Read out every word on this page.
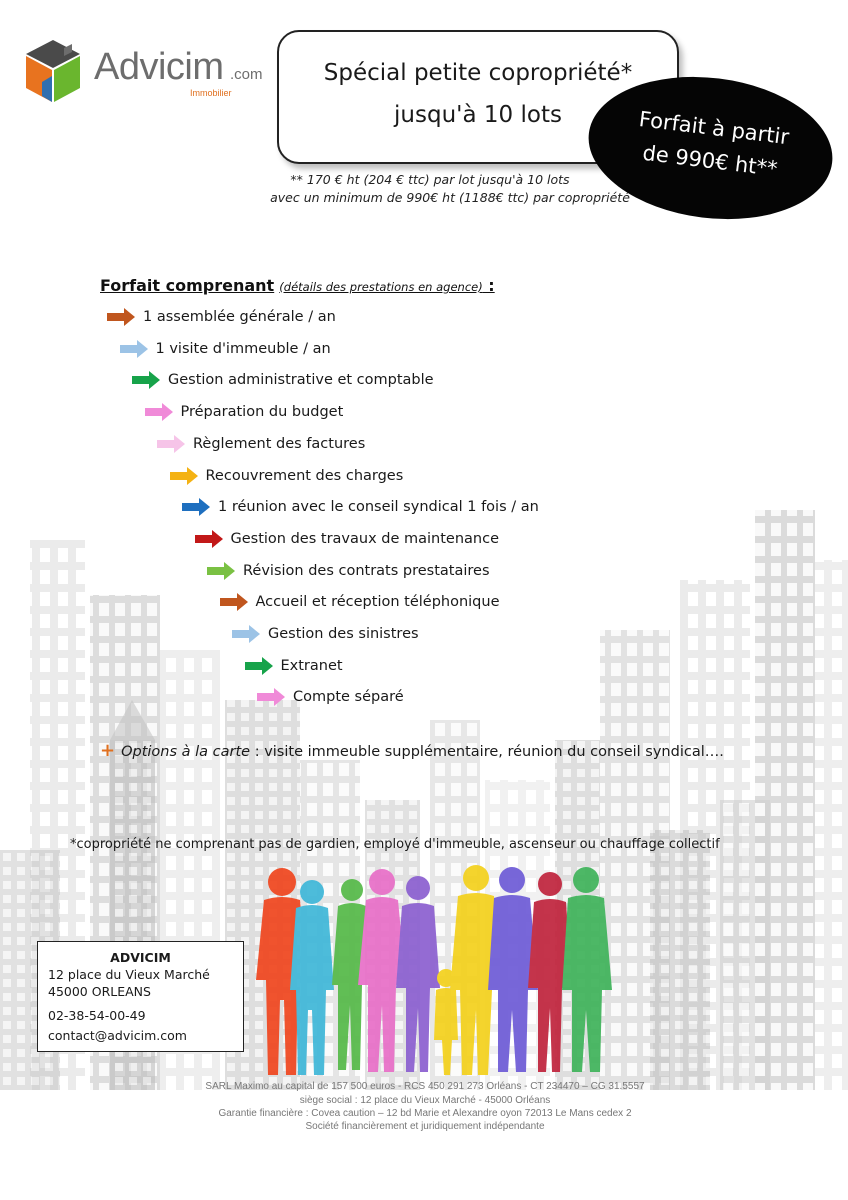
Advicim .com
Immobilier
Spécial petite copropriété*
jusqu'à 10 lots	Forfait à partir
de 990€ ht**
** 170 € ht (204 € ttc) par lot jusqu'à 10 lots
avec un minimum de 990€ ht (1188€ ttc) par copropriété
Forfait comprenant (détails des prestations en agence) :
1 assemblée générale / an
1 visite d'immeuble / an
Gestion administrative et comptable
Préparation du budget
Règlement des factures
Recouvrement des charges
1 réunion avec le conseil syndical 1 fois / an
Gestion des travaux de maintenance
Révision des contrats prestataires
Accueil et réception téléphonique
Gestion des sinistres
Extranet
Compte séparé
+ Options à la carte : visite immeuble supplémentaire, réunion du conseil syndical….
*copropriété ne comprenant pas de gardien, employé d'immeuble, ascenseur ou chauffage collectif
ADVICIM
12 place du Vieux Marché
45000 ORLEANS
02-38-54-00-49
contact@advicim.com
SARL Maximo au capital de 157 500 euros - RCS 450 291 273 Orléans - CT 234470 – CG 31.5557
siège social : 12 place du Vieux Marché - 45000 Orléans
Garantie financière : Covea caution – 12 bd Marie et Alexandre oyon 72013 Le Mans cedex 2
Société financièrement et juridiquement indépendante
